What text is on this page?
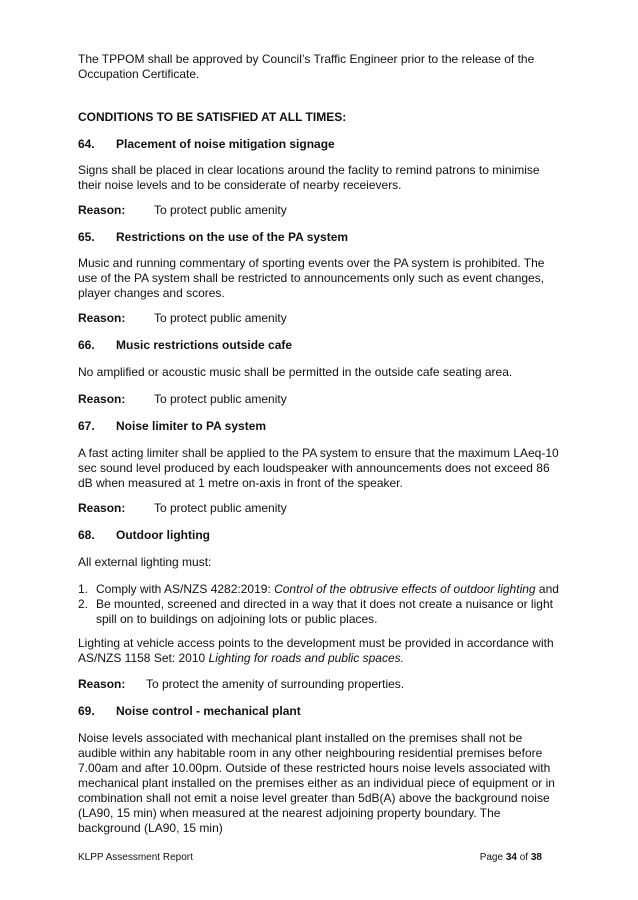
The TPPOM shall be approved by Council’s Traffic Engineer prior to the release of the Occupation Certificate.

CONDITIONS TO BE SATISFIED AT ALL TIMES:
64. Placement of noise mitigation signage

Signs shall be placed in clear locations around the faclity to remind patrons to minimise their noise levels and to be considerate of nearby receievers.

Reason: To protect public amenity
65. Restrictions on the use of the PA system

Music and running commentary of sporting events over the PA system is prohibited. The use of the PA system shall be restricted to announcements only such as event changes, player changes and scores.

Reason: To protect public amenity
66. Music restrictions outside cafe

No amplified or acoustic music shall be permitted in the outside cafe seating area.

Reason: To protect public amenity
67. Noise limiter to PA system

A fast acting limiter shall be applied to the PA system to ensure that the maximum LAeq-10 sec sound level produced by each loudspeaker with announcements does not exceed 86 dB when measured at 1 metre on-axis in front of the speaker.

Reason: To protect public amenity
68. Outdoor lighting

All external lighting must:

1. Comply with AS/NZS 4282:2019: Control of the obtrusive effects of outdoor lighting and
2. Be mounted, screened and directed in a way that it does not create a nuisance or light spill on to buildings on adjoining lots or public places.

Lighting at vehicle access points to the development must be provided in accordance with AS/NZS 1158 Set: 2010 Lighting for roads and public spaces.

Reason: To protect the amenity of surrounding properties.
69. Noise control - mechanical plant

Noise levels associated with mechanical plant installed on the premises shall not be audible within any habitable room in any other neighbouring residential premises before 7.00am and after 10.00pm. Outside of these restricted hours noise levels associated with mechanical plant installed on the premises either as an individual piece of equipment or in combination shall not emit a noise level greater than 5dB(A) above the background noise (LA90, 15 min) when measured at the nearest adjoining property boundary. The background (LA90, 15 min)

KLPP Assessment Report	Page 34 of 38
